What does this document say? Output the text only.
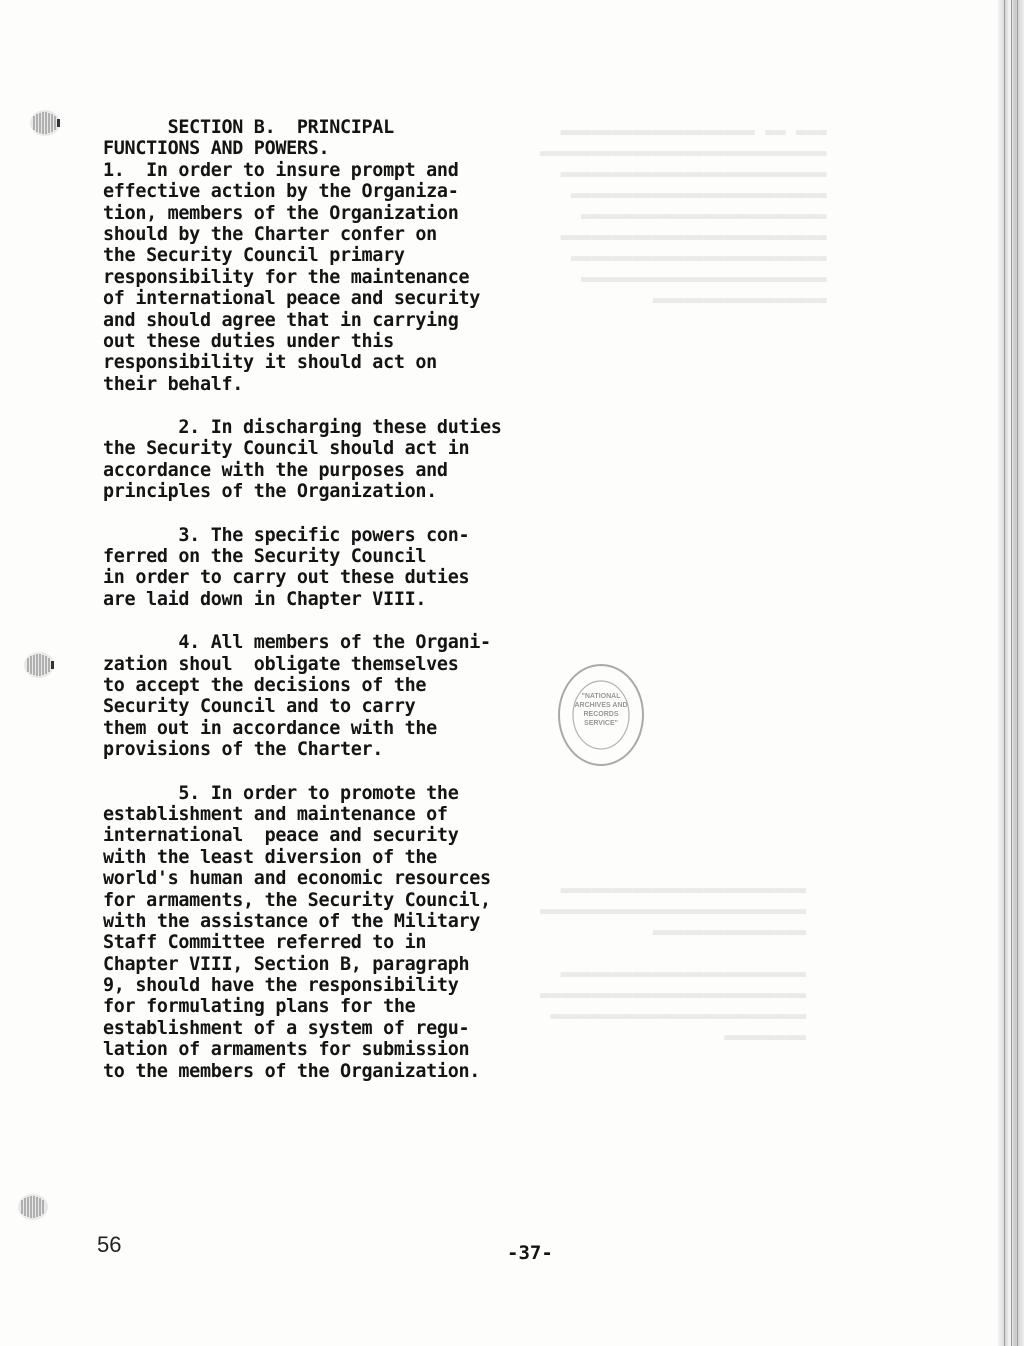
▬▬▬ ▬▬ ▬▬▬▬▬▬▬▬▬▬▬▬▬▬▬▬▬▬▬
▬▬▬▬▬▬▬▬▬▬▬▬▬▬▬▬▬▬▬▬▬▬▬▬▬▬▬▬
▬▬▬▬▬▬▬▬▬▬▬▬▬▬▬▬▬▬▬▬▬▬▬▬▬▬
▬▬▬▬▬▬▬▬▬▬▬▬▬▬▬▬▬▬▬▬▬▬▬▬▬
▬▬▬▬▬▬▬▬▬▬▬▬▬▬▬▬▬▬▬▬▬▬▬▬
▬▬▬▬▬▬▬▬▬▬▬▬▬▬▬▬▬▬▬▬▬▬▬▬▬▬
▬▬▬▬▬▬▬▬▬▬▬▬▬▬▬▬▬▬▬▬▬▬▬▬▬
▬▬▬▬▬▬▬▬▬▬▬▬▬▬▬▬▬▬▬▬▬▬▬▬
▬▬▬▬▬▬▬▬▬▬▬▬▬▬▬▬▬
▬▬▬▬▬▬▬▬▬▬▬▬▬▬▬▬▬▬▬▬▬▬▬▬
▬▬▬▬▬▬▬▬▬▬▬▬▬▬▬▬▬▬▬▬▬▬▬▬▬▬
▬▬▬▬▬▬▬▬▬▬▬▬▬▬▬

▬▬▬▬▬▬▬▬▬▬▬▬▬▬▬▬▬▬▬▬▬▬▬▬
▬▬▬▬▬▬▬▬▬▬▬▬▬▬▬▬▬▬▬▬▬▬▬▬▬▬
▬▬▬▬▬▬▬▬▬▬▬▬▬▬▬▬▬▬▬▬▬▬▬▬▬
▬▬▬▬▬▬▬▬
SECTION B.  PRINCIPAL
FUNCTIONS AND POWERS.
1.  In order to insure prompt and
effective action by the Organiza-
tion, members of the Organization
should by the Charter confer on
the Security Council primary
responsibility for the maintenance
of international peace and security
and should agree that in carrying
out these duties under this
responsibility it should act on
their behalf.
2. In discharging these duties
the Security Council should act in
accordance with the purposes and
principles of the Organization.
3. The specific powers con-
ferred on the Security Council
in order to carry out these duties
are laid down in Chapter VIII.
4. All members of the Organi-
zation shoul  obligate themselves
to accept the decisions of the
Security Council and to carry
them out in accordance with the
provisions of the Charter.
5. In order to promote the
establishment and maintenance of
international  peace and security
with the least diversion of the
world's human and economic resources
for armaments, the Security Council,
with the assistance of the Military
Staff Committee referred to in
Chapter VIII, Section B, paragraph
9, should have the responsibility
for formulating plans for the
establishment of a system of regu-
lation of armaments for submission
to the members of the Organization.
"NATIONAL
ARCHIVES AND
RECORDS
SERVICE"
56	-37-
